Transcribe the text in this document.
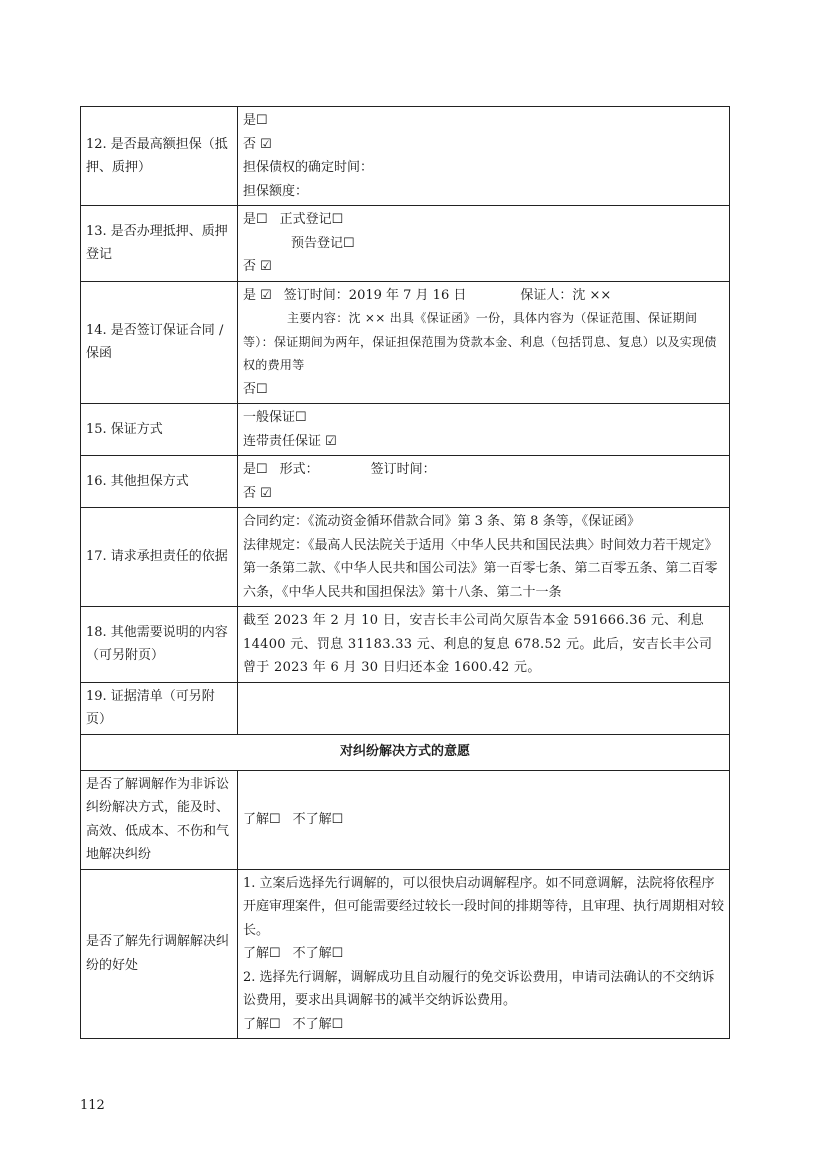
12. 是否最高额担保（抵押、质押）	是☐
否 ☑
担保债权的确定时间：
担保额度：

13. 是否办理抵押、质押登记	是☐ 正式登记☐
预告登记☐
否 ☑

14. 是否签订保证合同 / 保函	是 ☑ 签订时间：2019 年 7 月 16 日 保证人：沈 ××
主要内容：沈 ×× 出具《保证函》一份，具体内容为（保证范围、保证期间等）：保证期间为两年，保证担保范围为贷款本金、利息（包括罚息、复息）以及实现债权的费用等
否☐

15. 保证方式	一般保证☐
连带责任保证 ☑

16. 其他担保方式	是☐ 形式： 签订时间：
否 ☑

17. 请求承担责任的依据	合同约定：《流动资金循环借款合同》第 3 条、第 8 条等，《保证函》
法律规定：《最高人民法院关于适用〈中华人民共和国民法典〉时间效力若干规定》第一条第二款、《中华人民共和国公司法》第一百零七条、第二百零五条、第二百零六条，《中华人民共和国担保法》第十八条、第二十一条

18. 其他需要说明的内容（可另附页）	截至 2023 年 2 月 10 日，安吉长丰公司尚欠原告本金 591666.36 元、利息 14400 元、罚息 31183.33 元、利息的复息 678.52 元。此后，安吉长丰公司曾于 2023 年 6 月 30 日归还本金 1600.42 元。
19. 证据清单（可另附页）	
对纠纷解决方式的意愿	
是否了解调解作为非诉讼纠纷解决方式，能及时、高效、低成本、不伤和气地解决纠纷	了解☐ 不了解☐
是否了解先行调解解决纠纷的好处	1. 立案后选择先行调解的，可以很快启动调解程序。如不同意调解，法院将依程序开庭审理案件，但可能需要经过较长一段时间的排期等待，且审理、执行周期相对较长。
了解☐ 不了解☐
2. 选择先行调解，调解成功且自动履行的免交诉讼费用，申请司法确认的不交纳诉讼费用，要求出具调解书的减半交纳诉讼费用。
了解☐ 不了解☐
112
